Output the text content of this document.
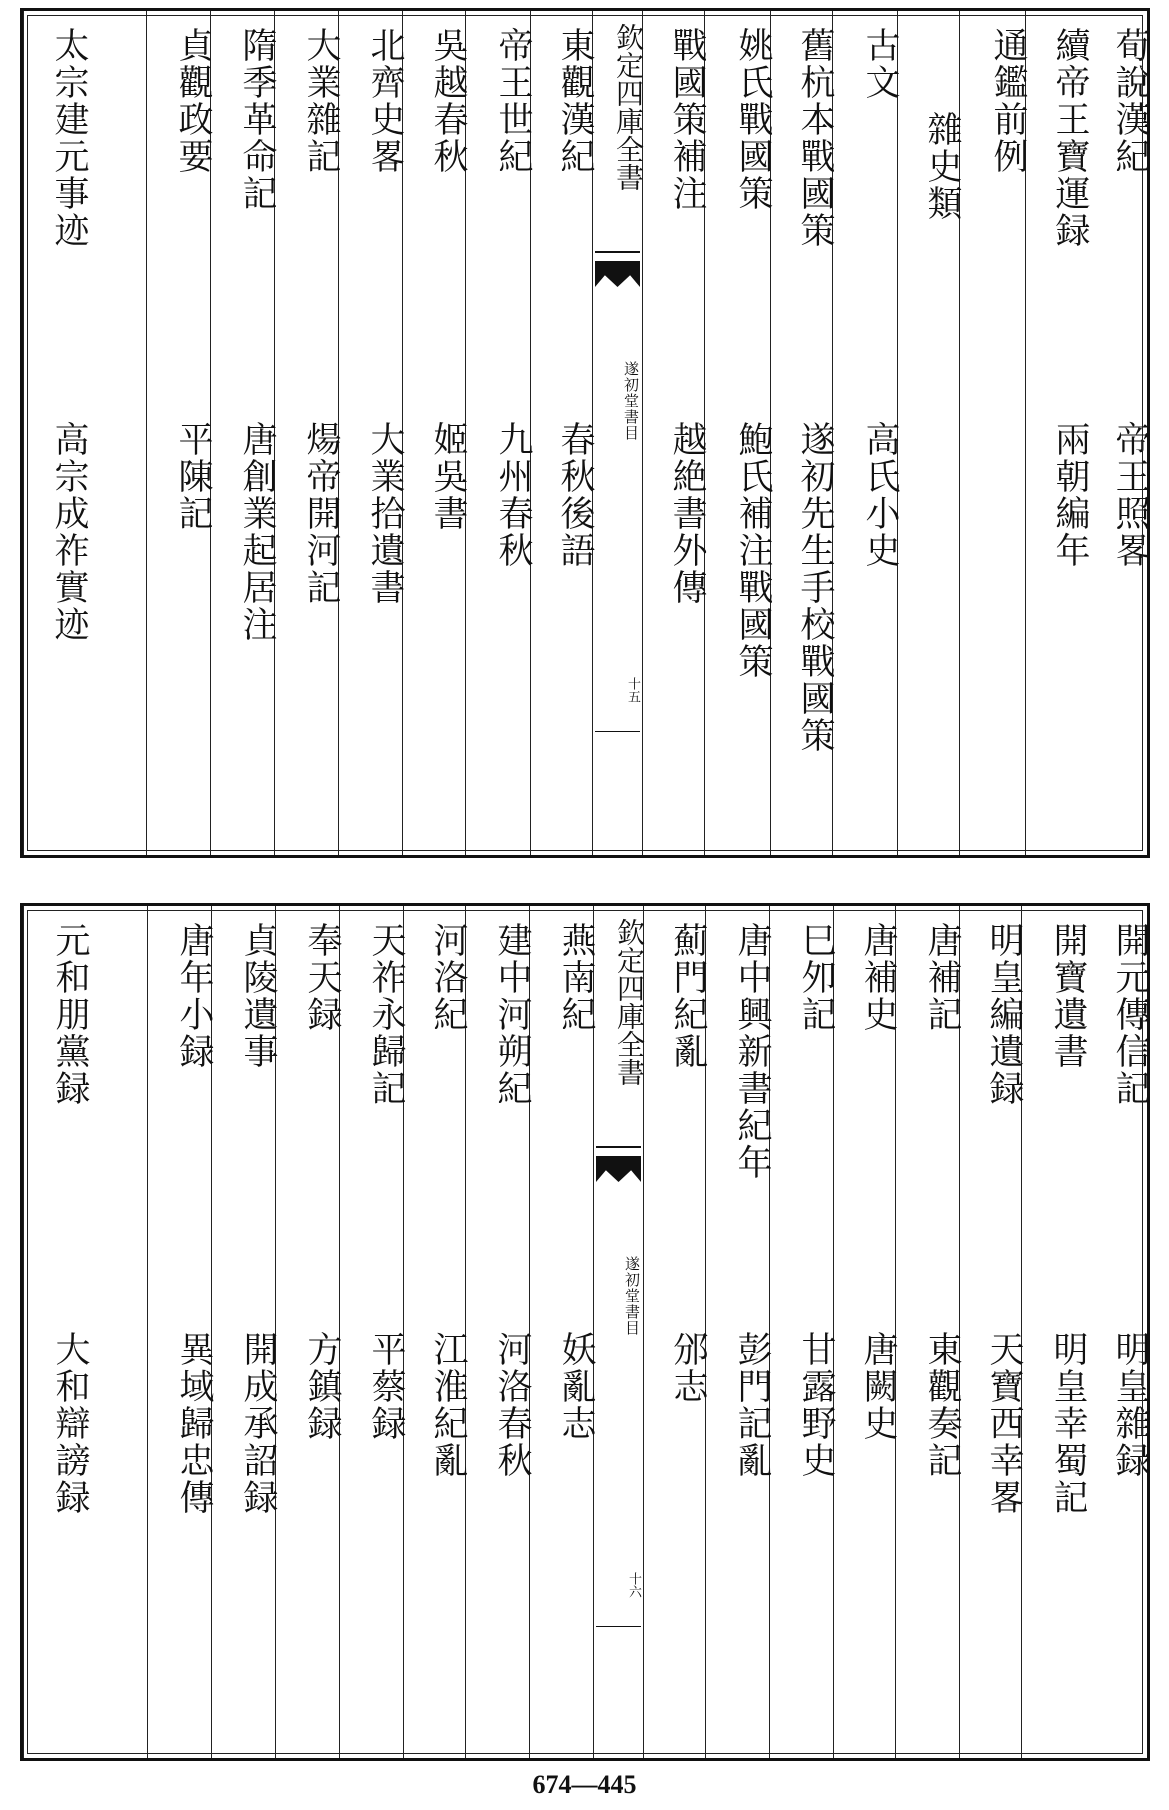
荀說漢紀
帝王照畧
續帝王寶運録
兩朝編年
通鑑前例
雜史類
古文
高氏小史
舊杭本戰國策
遂初先生手校戰國策
姚氏戰國策
鮑氏補注戰國策
戰國策補注
越絶書外傳
欽定四庫全書
遂初堂書目
十五
東觀漢紀
春秋後語
帝王世紀
九州春秋
吳越春秋
姬吳書
北齊史畧
大業拾遺書
大業雜記
煬帝開河記
隋季革命記
唐創業起居注
貞觀政要
平陳記
太宗建元事迹
高宗成祚實迹
開元傳信記
明皇雜録
開寶遺書
明皇幸蜀記
明皇編遺録
天寶西幸畧
唐補記
東觀奏記
唐補史
唐闕史
巳夘記
甘露野史
唐中興新書紀年
彭門記亂
薊門紀亂
邠志
欽定四庫全書
遂初堂書目
十六
燕南紀
妖亂志
建中河朔紀
河洛春秋
河洛紀
江淮紀亂
天祚永歸記
平蔡録
奉天録
方鎮録
貞陵遺事
開成承詔録
唐年小録
異域歸忠傳
元和朋黨録
大和辯謗録
674—445
